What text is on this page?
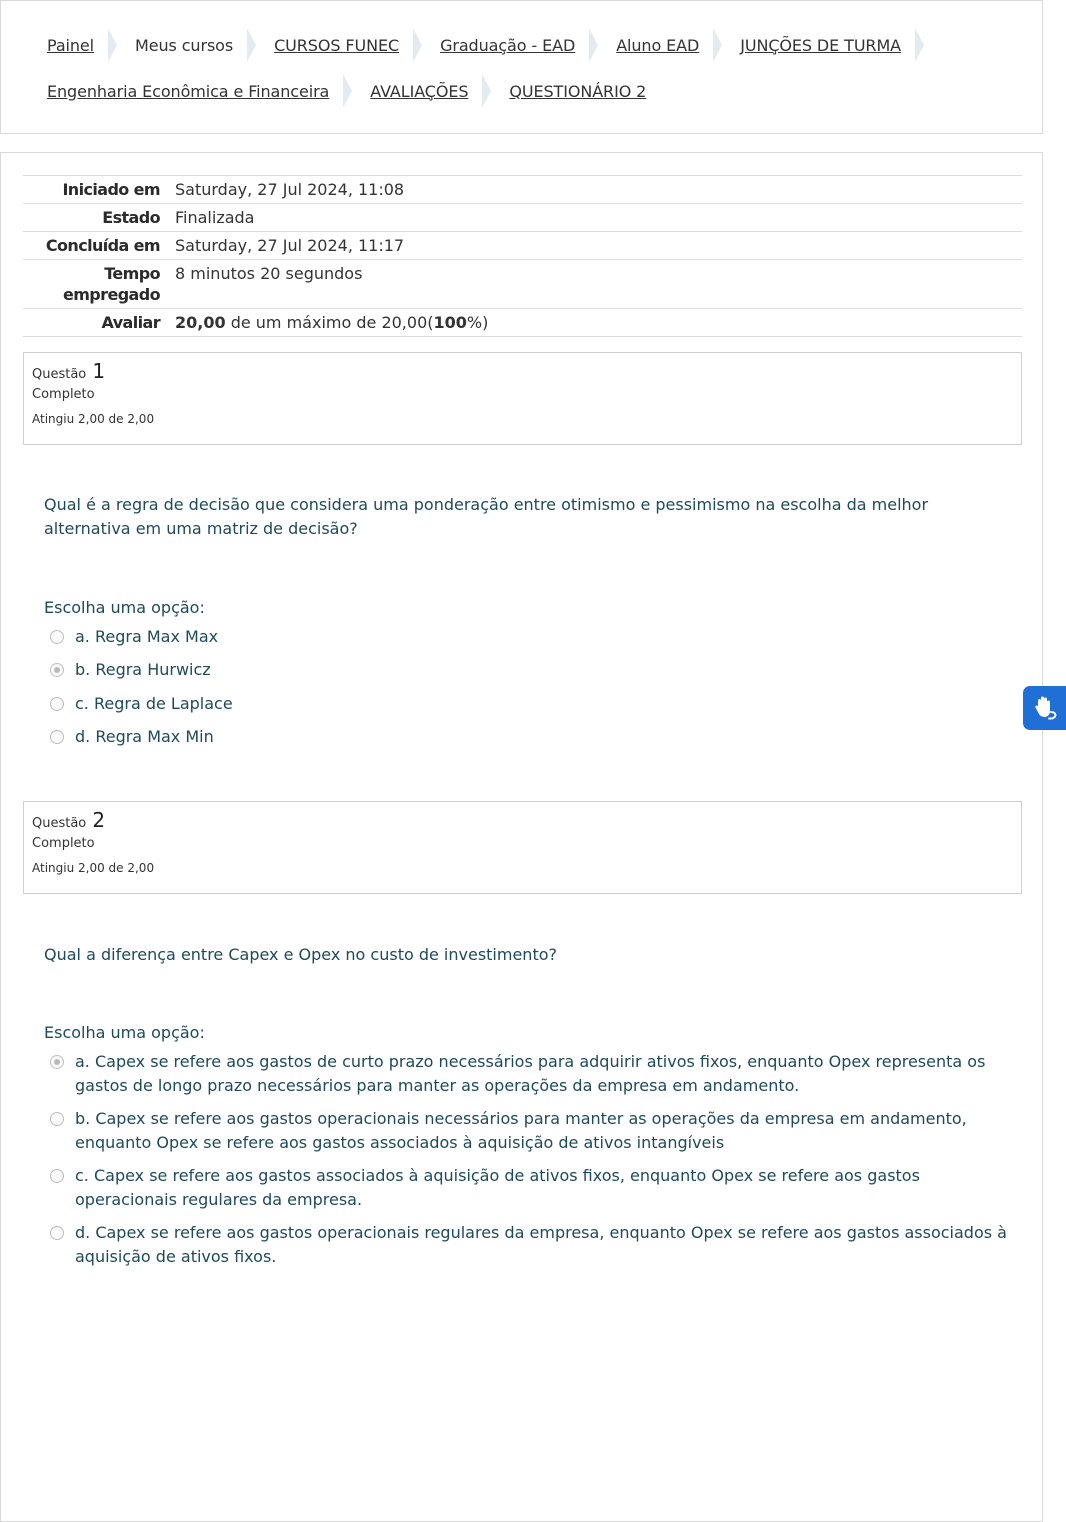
Painel	Meus cursos	CURSOS FUNEC	Graduação - EAD	Aluno EAD	JUNÇÕES DE TURMA
Engenharia Econômica e Financeira	AVALIAÇÕES	QUESTIONÁRIO 2
Iniciado em	Saturday, 27 Jul 2024, 11:08
Estado	Finalizada
Concluída em	Saturday, 27 Jul 2024, 11:17
Tempo empregado	8 minutos 20 segundos
Avaliar	20,00 de um máximo de 20,00(100%)
Questão 1
Completo
Atingiu 2,00 de 2,00
Qual é a regra de decisão que considera uma ponderação entre otimismo e pessimismo na escolha da melhor alternativa em uma matriz de decisão?
Escolha uma opção:
a. Regra Max Max
b. Regra Hurwicz
c. Regra de Laplace
d. Regra Max Min
Questão 2
Completo
Atingiu 2,00 de 2,00
Qual a diferença entre Capex e Opex no custo de investimento?
Escolha uma opção:
a. Capex se refere aos gastos de curto prazo necessários para adquirir ativos fixos, enquanto Opex representa os gastos de longo prazo necessários para manter as operações da empresa em andamento.
b. Capex se refere aos gastos operacionais necessários para manter as operações da empresa em andamento, enquanto Opex se refere aos gastos associados à aquisição de ativos intangíveis
c. Capex se refere aos gastos associados à aquisição de ativos fixos, enquanto Opex se refere aos gastos operacionais regulares da empresa.
d. Capex se refere aos gastos operacionais regulares da empresa, enquanto Opex se refere aos gastos associados à aquisição de ativos fixos.
